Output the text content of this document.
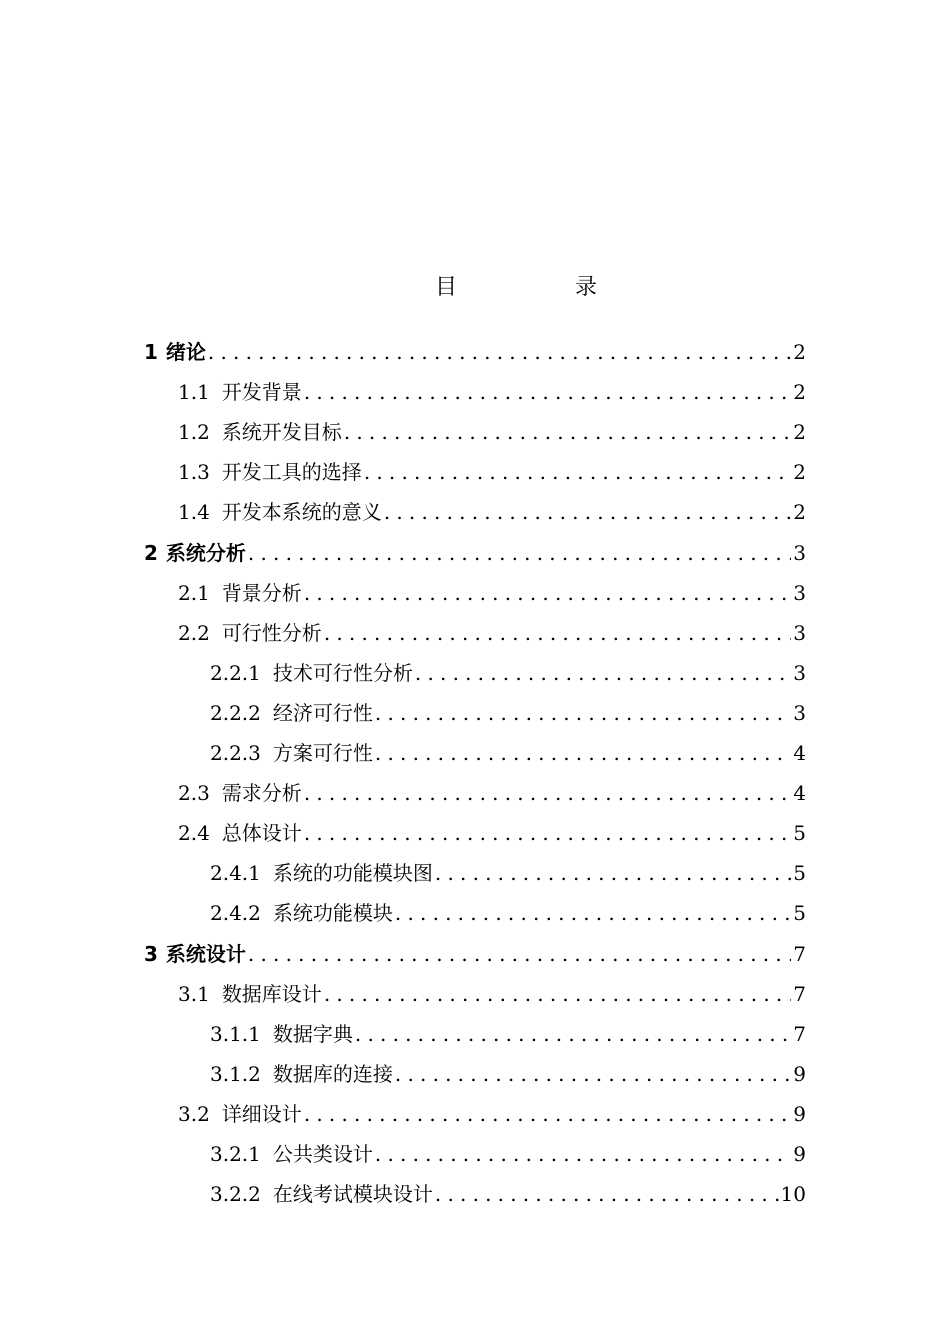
目　录
1 绪论 .....	2
1.1 开发背景 .....	2
1.2 系统开发目标 .....	2
1.3 开发工具的选择 .....	2
1.4 开发本系统的意义 .....	2
2 系统分析 .....	3
2.1 背景分析 .....	3
2.2 可行性分析 .....	3
2.2.1 技术可行性分析 .....	3
2.2.2 经济可行性 .....	3
2.2.3 方案可行性 .....	4
2.3 需求分析 .....	4
2.4 总体设计 .....	5
2.4.1 系统的功能模块图 .....	5
2.4.2 系统功能模块 .....	5
3 系统设计 .....	7
3.1 数据库设计 .....	7
3.1.1 数据字典 .....	7
3.1.2 数据库的连接 .....	9
3.2 详细设计 .....	9
3.2.1 公共类设计 .....	9
3.2.2 在线考试模块设计 .....	10
